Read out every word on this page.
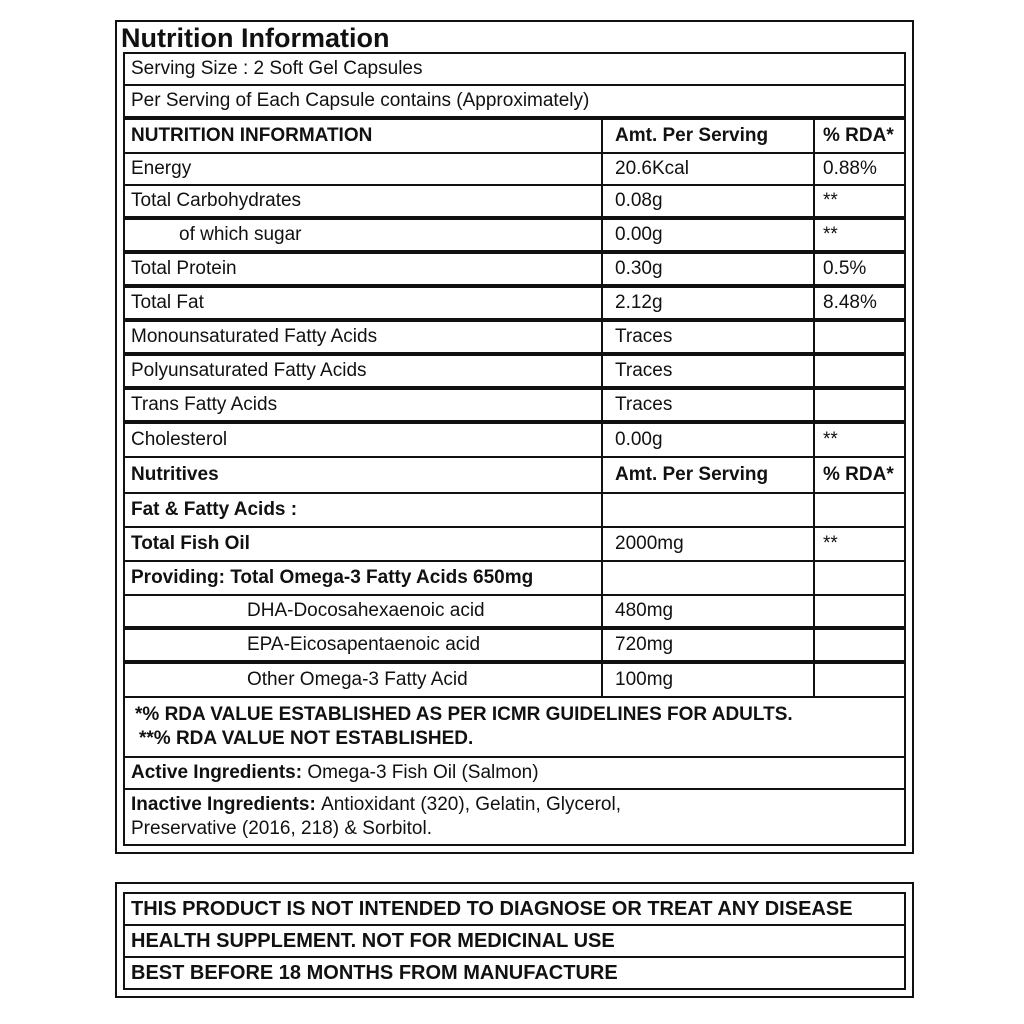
Nutrition Information
Serving Size : 2 Soft Gel Capsules
Per Serving of Each Capsule contains (Approximately)
NUTRITION INFORMATION	Amt. Per Serving	% RDA*
Energy	20.6Kcal	0.88%
Total Carbohydrates	0.08g	**
of which sugar	0.00g	**
Total Protein	0.30g	0.5%
Total Fat	2.12g	8.48%
Monounsaturated Fatty Acids	Traces
Polyunsaturated Fatty Acids	Traces
Trans Fatty Acids	Traces
Cholesterol	0.00g	**
Nutritives	Amt. Per Serving	% RDA*
Fat & Fatty Acids :
Total Fish Oil	2000mg	**
Providing: Total Omega-3 Fatty Acids 650mg
DHA-Docosahexaenoic acid	480mg
EPA-Eicosapentaenoic acid	720mg
Other Omega-3 Fatty Acid	100mg
*% RDA VALUE ESTABLISHED AS PER ICMR GUIDELINES FOR ADULTS.
**% RDA VALUE NOT ESTABLISHED.
Active Ingredients:
Omega-3 Fish Oil (Salmon)
Inactive Ingredients: Antioxidant (320), Gelatin, Glycerol,
Preservative (2016, 218) & Sorbitol.
THIS PRODUCT IS NOT INTENDED TO DIAGNOSE OR TREAT ANY DISEASE
HEALTH SUPPLEMENT. NOT FOR MEDICINAL USE
BEST BEFORE 18 MONTHS FROM MANUFACTURE
